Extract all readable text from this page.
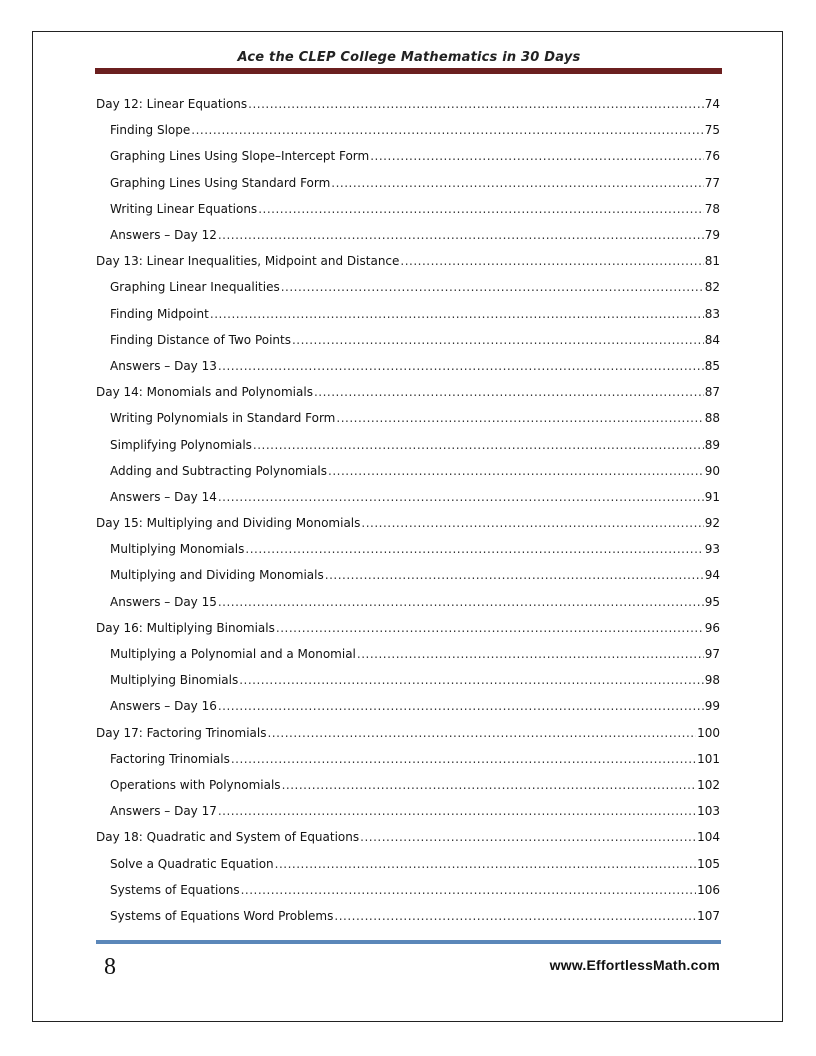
Ace the CLEP College Mathematics in 30 Days
Day 12: Linear Equations .....	74
Finding Slope .....	75
Graphing Lines Using Slope–Intercept Form .....	76
Graphing Lines Using Standard Form .....	77
Writing Linear Equations .....	78
Answers – Day 12 .....	79
Day 13: Linear Inequalities, Midpoint and Distance .....	81
Graphing Linear Inequalities .....	82
Finding Midpoint .....	83
Finding Distance of Two Points .....	84
Answers – Day 13 .....	85
Day 14: Monomials and Polynomials .....	87
Writing Polynomials in Standard Form .....	88
Simplifying Polynomials .....	89
Adding and Subtracting Polynomials .....	90
Answers – Day 14 .....	91
Day 15: Multiplying and Dividing Monomials .....	92
Multiplying Monomials .....	93
Multiplying and Dividing Monomials .....	94
Answers – Day 15 .....	95
Day 16: Multiplying Binomials .....	96
Multiplying a Polynomial and a Monomial .....	97
Multiplying Binomials .....	98
Answers – Day 16 .....	99
Day 17: Factoring Trinomials .....	100
Factoring Trinomials .....	101
Operations with Polynomials .....	102
Answers – Day 17 .....	103
Day 18: Quadratic and System of Equations .....	104
Solve a Quadratic Equation .....	105
Systems of Equations .....	106
Systems of Equations Word Problems .....	107
8	www.EffortlessMath.com
